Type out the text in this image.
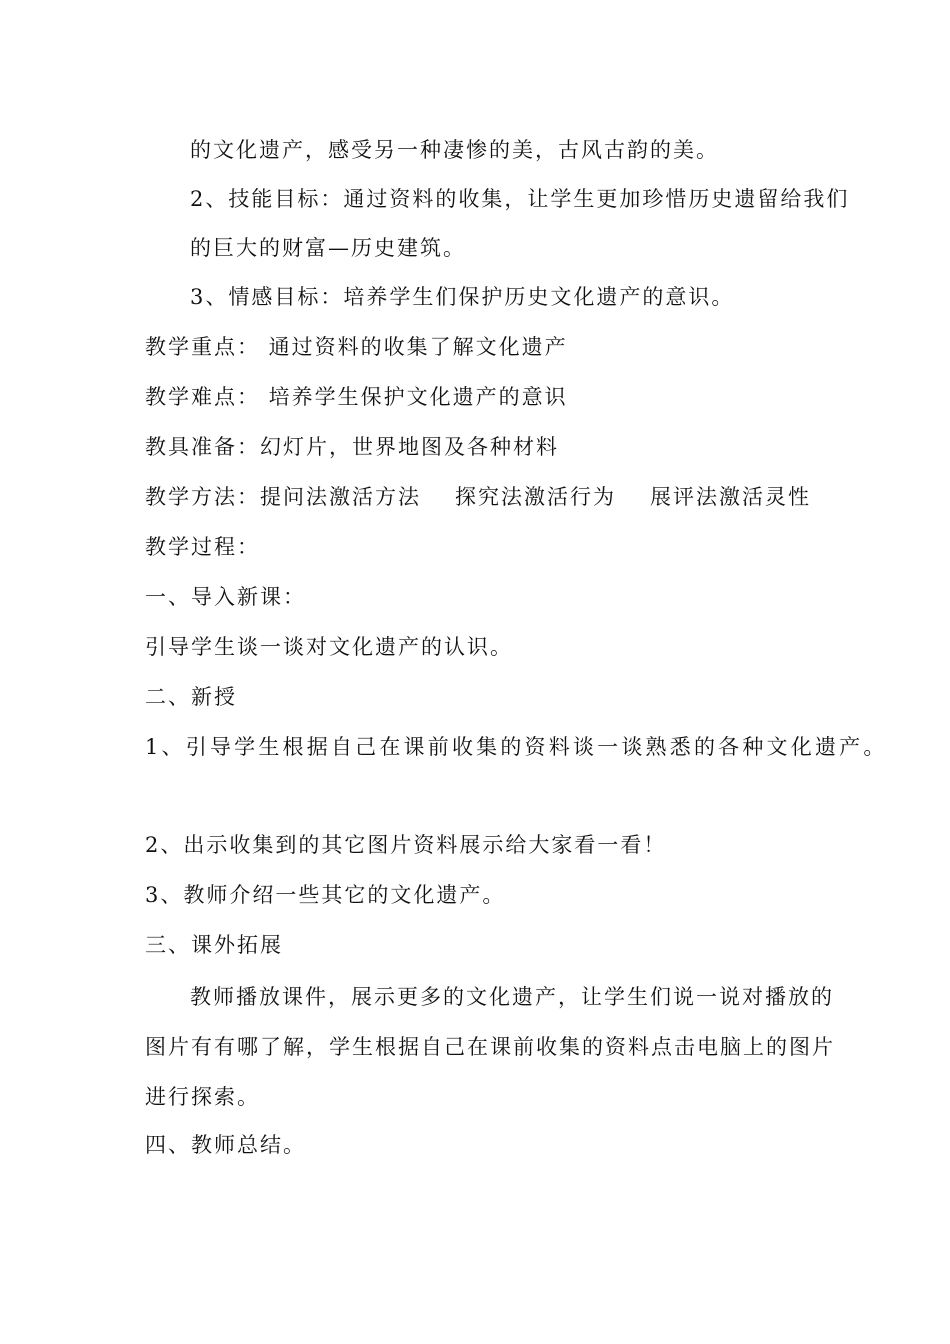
的文化遗产，感受另一种凄惨的美，古风古韵的美。
2、技能目标：通过资料的收集，让学生更加珍惜历史遗留给我们
的巨大的财富—历史建筑。
3、情感目标：培养学生们保护历史文化遗产的意识。
教学重点： 通过资料的收集了解文化遗产
教学难点： 培养学生保护文化遗产的意识
教具准备：幻灯片，世界地图及各种材料
教学方法：提问法激活方法 探究法激活行为 展评法激活灵性
教学过程：
一、导入新课：
引导学生谈一谈对文化遗产的认识。
二、新授
1、引导学生根据自己在课前收集的资料谈一谈熟悉的各种文化遗产。
2、出示收集到的其它图片资料展示给大家看一看！
3、教师介绍一些其它的文化遗产。
三、课外拓展
教师播放课件，展示更多的文化遗产，让学生们说一说对播放的
图片有有哪了解，学生根据自己在课前收集的资料点击电脑上的图片
进行探索。
四、教师总结。
